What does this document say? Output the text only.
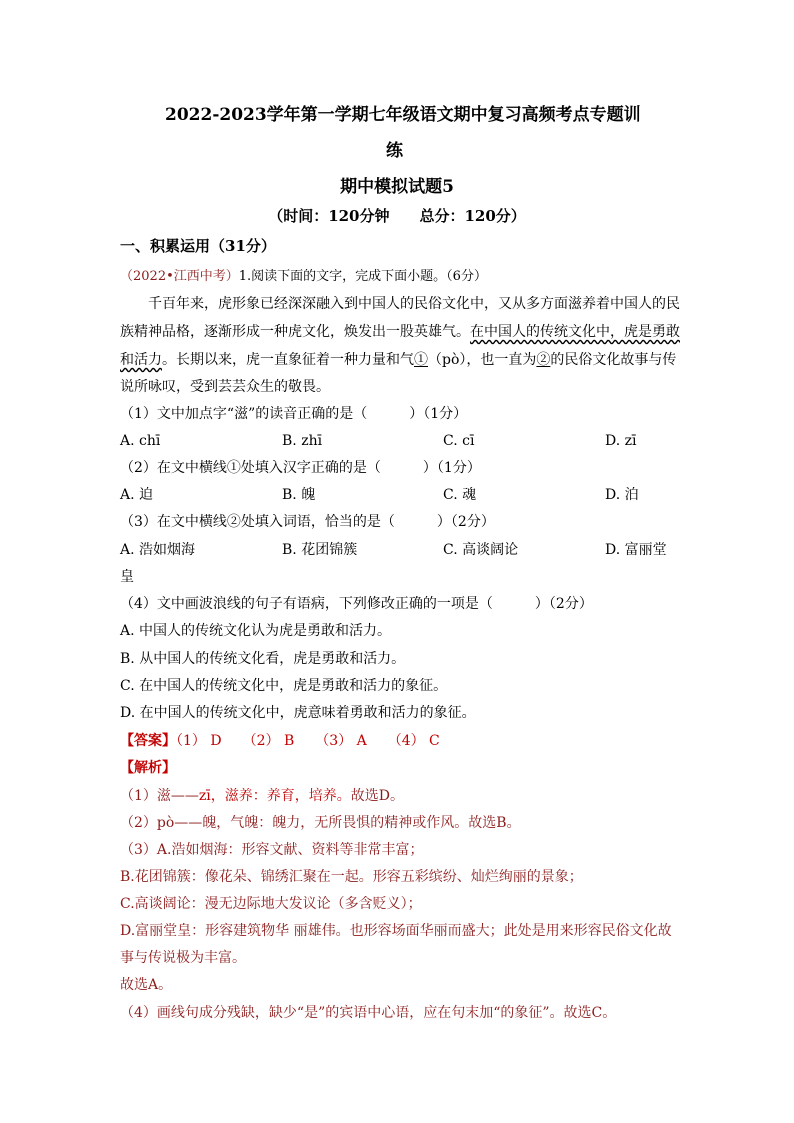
2022-2023学年第一学期七年级语文期中复习高频考点专题训
练
期中模拟试题5
（时间：120分钟　　总分：120分）
一、积累运用（31分）
（2022•江西中考）1.阅读下面的文字，完成下面小题。（6分）
千百年来，虎形象已经深深融入到中国人的民俗文化中，又从多方面滋养着中国人的民
族精神品格，逐渐形成一种虎文化，焕发出一股英雄气。在中国人的传统文化中，虎是勇敢
和活力。长期以来，虎一直象征着一种力量和气①（pò），也一直为②的民俗文化故事与传
说所咏叹，受到芸芸众生的敬畏。
（1）文中加点字“滋”的读音正确的是（　　　）（1分）
A. chī	B. zhī	C. cī	D. zī
（2）在文中横线①处填入汉字正确的是（　　　）（1分）
A. 迫	B. 魄	C. 魂	D. 泊
（3）在文中横线②处填入词语，恰当的是（　　　）（2分）
A. 浩如烟海	B. 花团锦簇	C. 高谈阔论	D. 富丽堂
皇
（4）文中画波浪线的句子有语病，下列修改正确的一项是（　　　）（2分）
A. 中国人的传统文化认为虎是勇敢和活力。
B. 从中国人的传统文化看，虎是勇敢和活力。
C. 在中国人的传统文化中，虎是勇敢和活力的象征。
D. 在中国人的传统文化中，虎意味着勇敢和活力的象征。
【答案】（1） D　　（2） B　　（3） A　　（4） C
【解析】
（1）滋——zī，滋养：养育，培养。故选D。
（2）pò——魄，气魄：魄力，无所畏惧的精神或作风。故选B。
（3）A.浩如烟海：形容文献、资料等非常丰富；
B.花团锦簇：像花朵、锦绣汇聚在一起。形容五彩缤纷、灿烂绚丽的景象；
C.高谈阔论：漫无边际地大发议论（多含贬义）；
D.富丽堂皇：形容建筑物华 丽雄伟。也形容场面华丽而盛大；此处是用来形容民俗文化故
事与传说极为丰富。
故选A。
（4）画线句成分残缺，缺少“是”的宾语中心语，应在句末加“的象征”。故选C。
